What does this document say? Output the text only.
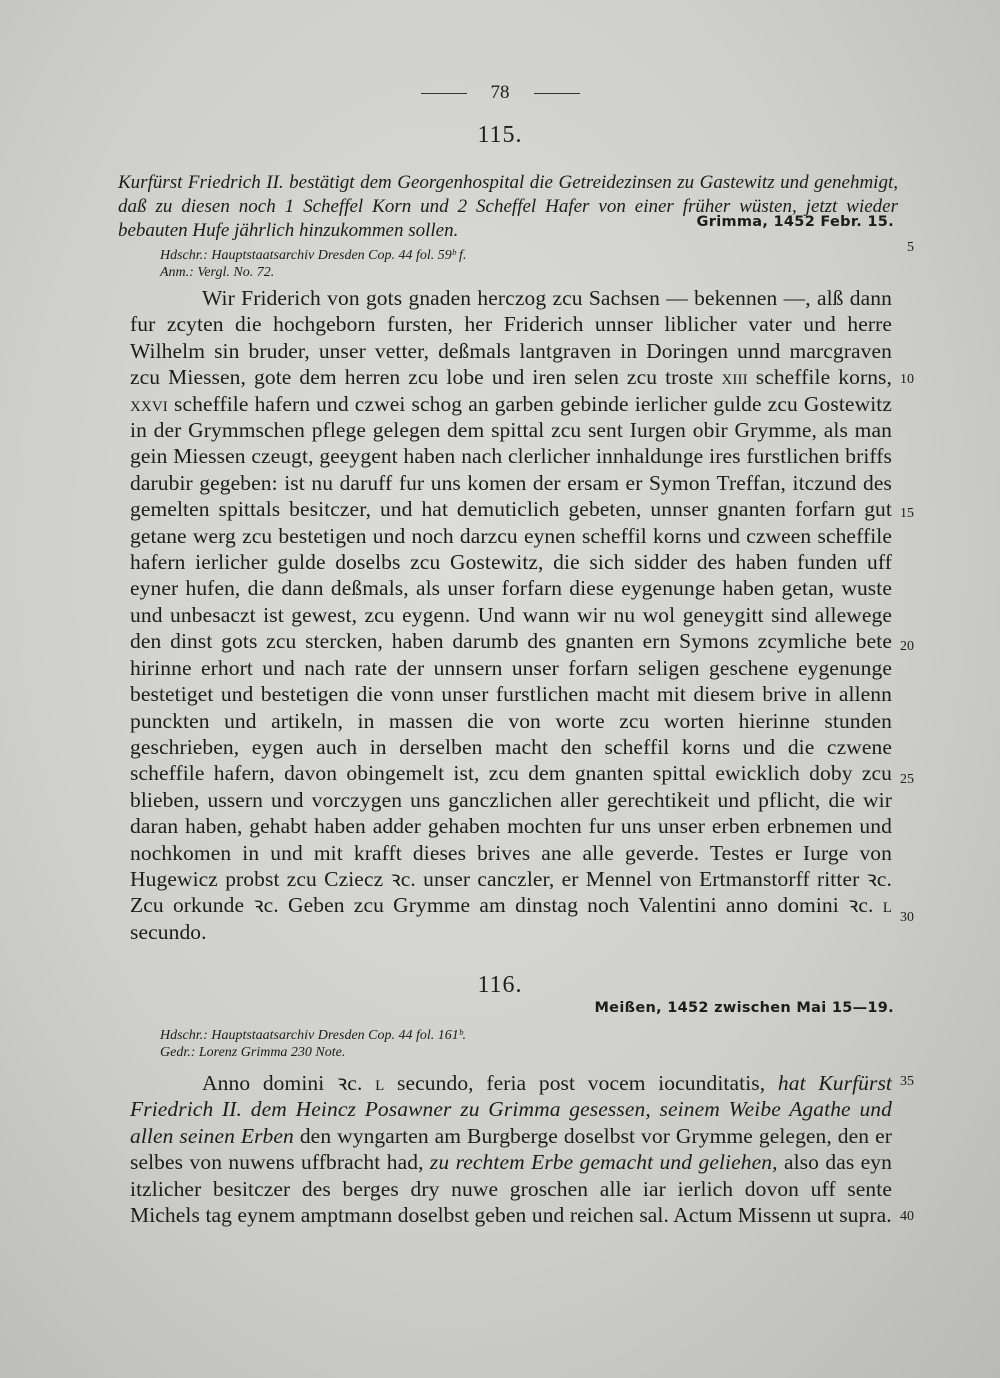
78
115.
Kurfürst Friedrich II. bestätigt dem Georgenhospital die Getreidezinsen zu Gastewitz und genehmigt, daß zu diesen noch 1 Scheffel Korn und 2 Scheffel Hafer von einer früher wüsten, jetzt wieder bebauten Hufe jährlich hinzukommen sollen.	Grimma, 1452 Febr. 15.
Hdschr.: Hauptstaatsarchiv Dresden Cop. 44 fol. 59ᵇ f.
Anm.: Vergl. No. 72.

Wir Friderich von gots gnaden herczog zcu Sachsen — bekennen —, alß dann fur zcyten die hochgeborn fursten, her Friderich unnser liblicher vater und herre Wilhelm sin bruder, unser vetter, deßmals lantgraven in Doringen unnd marcgraven zcu Miessen, gote dem herren zcu lobe und iren selen zcu troste xiii scheffile korns, xxvi scheffile hafern und czwei schog an garben gebinde ierlicher gulde zcu Gostewitz in der Grymmschen pflege gelegen dem spittal zcu sent Iurgen obir Grymme, als man gein Miessen czeugt, geeygent haben nach clerlicher innhaldunge ires furstlichen briffs darubir gegeben: ist nu daruff fur uns komen der ersam er Symon Treffan, itczund des gemelten spittals besitczer, und hat demuticlich gebeten, unnser gnanten forfarn gut getane werg zcu bestetigen und noch darzcu eynen scheffil korns und czween scheffile hafern ierlicher gulde doselbs zcu Gostewitz, die sich sidder des haben funden uff eyner hufen, die dann deßmals, als unser forfarn diese eygenunge haben getan, wuste und unbesaczt ist gewest, zcu eygenn. Und wann wir nu wol geneygitt sind allewege den dinst gots zcu stercken, haben darumb des gnanten ern Symons zcymliche bete hirinne erhort und nach rate der unnsern unser forfarn seligen geschene eygenunge bestetiget und bestetigen die vonn unser furstlichen macht mit diesem brive in allenn punckten und artikeln, in massen die von worte zcu worten hierinne stunden geschrieben, eygen auch in derselben macht den scheffil korns und die czwene scheffile hafern, davon obingemelt ist, zcu dem gnanten spittal ewicklich doby zcu blieben, ussern und vorczygen uns ganczlichen aller gerechtikeit und pflicht, die wir daran haben, gehabt haben adder gehaben mochten fur uns unser erben erbnemen und nochkomen in und mit krafft dieses brives ane alle geverde. Testes er Iurge von Hugewicz probst zcu Cziecz ꝛc. unser canczler, er Mennel von Ertmanstorff ritter ꝛc. Zcu orkunde ꝛc. Geben zcu Grymme am dinstag noch Valentini anno domini ꝛc. l secundo.

116.
Meißen, 1452 zwischen Mai 15—19.
Hdschr.: Hauptstaatsarchiv Dresden Cop. 44 fol. 161ᵇ.
Gedr.: Lorenz Grimma 230 Note.

Anno domini ꝛc. l secundo, feria post vocem iocunditatis, hat Kurfürst Friedrich II. dem Heincz Posawner zu Grimma gesessen, seinem Weibe Agathe und allen seinen Erben den wyngarten am Burgberge doselbst vor Grymme gelegen, den er selbes von nuwens uffbracht had, zu rechtem Erbe gemacht und geliehen, also das eyn itzlicher besitczer des berges dry nuwe groschen alle iar ierlich dovon uff sente Michels tag eynem amptmann doselbst geben und reichen sal. Actum Missenn ut supra.

5
10
15
20
25
30
35
40
